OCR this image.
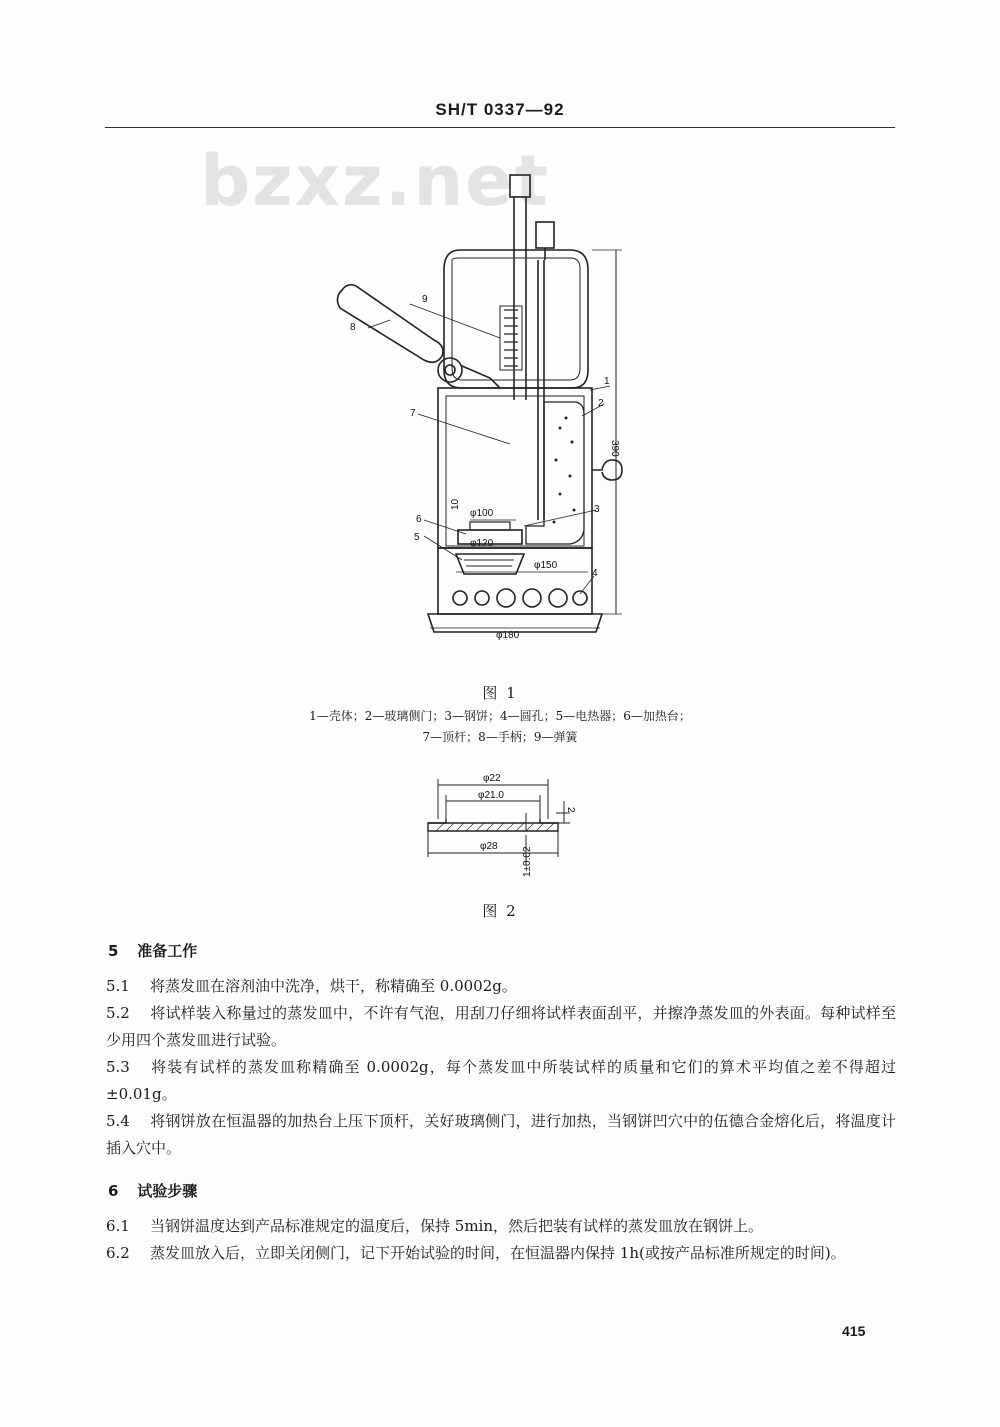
SH/T 0337—92
bzxz.net
1
2
3
4
5
6
7
8
9
390
φ100
φ120
φ150
φ180
10
图 1
1—壳体；2—玻璃侧门；3—钢饼；4—圆孔；5—电热器；6—加热台；
7—顶杆；8—手柄；9—弹簧
φ22
φ21.0
φ28
2
1±0.02
图 2
5 准备工作
5.1 将蒸发皿在溶剂油中洗净，烘干，称精确至 0.0002g。
5.2 将试样装入称量过的蒸发皿中，不许有气泡，用刮刀仔细将试样表面刮平，并擦净蒸发皿的外表面。每种试样至少用四个蒸发皿进行试验。
5.3 将装有试样的蒸发皿称精确至 0.0002g，每个蒸发皿中所装试样的质量和它们的算术平均值之差不得超过±0.01g。
5.4 将钢饼放在恒温器的加热台上压下顶杆，关好玻璃侧门，进行加热，当钢饼凹穴中的伍德合金熔化后，将温度计插入穴中。
6 试验步骤
6.1 当钢饼温度达到产品标准规定的温度后，保持 5min，然后把装有试样的蒸发皿放在钢饼上。
6.2 蒸发皿放入后，立即关闭侧门，记下开始试验的时间，在恒温器内保持 1h(或按产品标准所规定的时间)。
415
